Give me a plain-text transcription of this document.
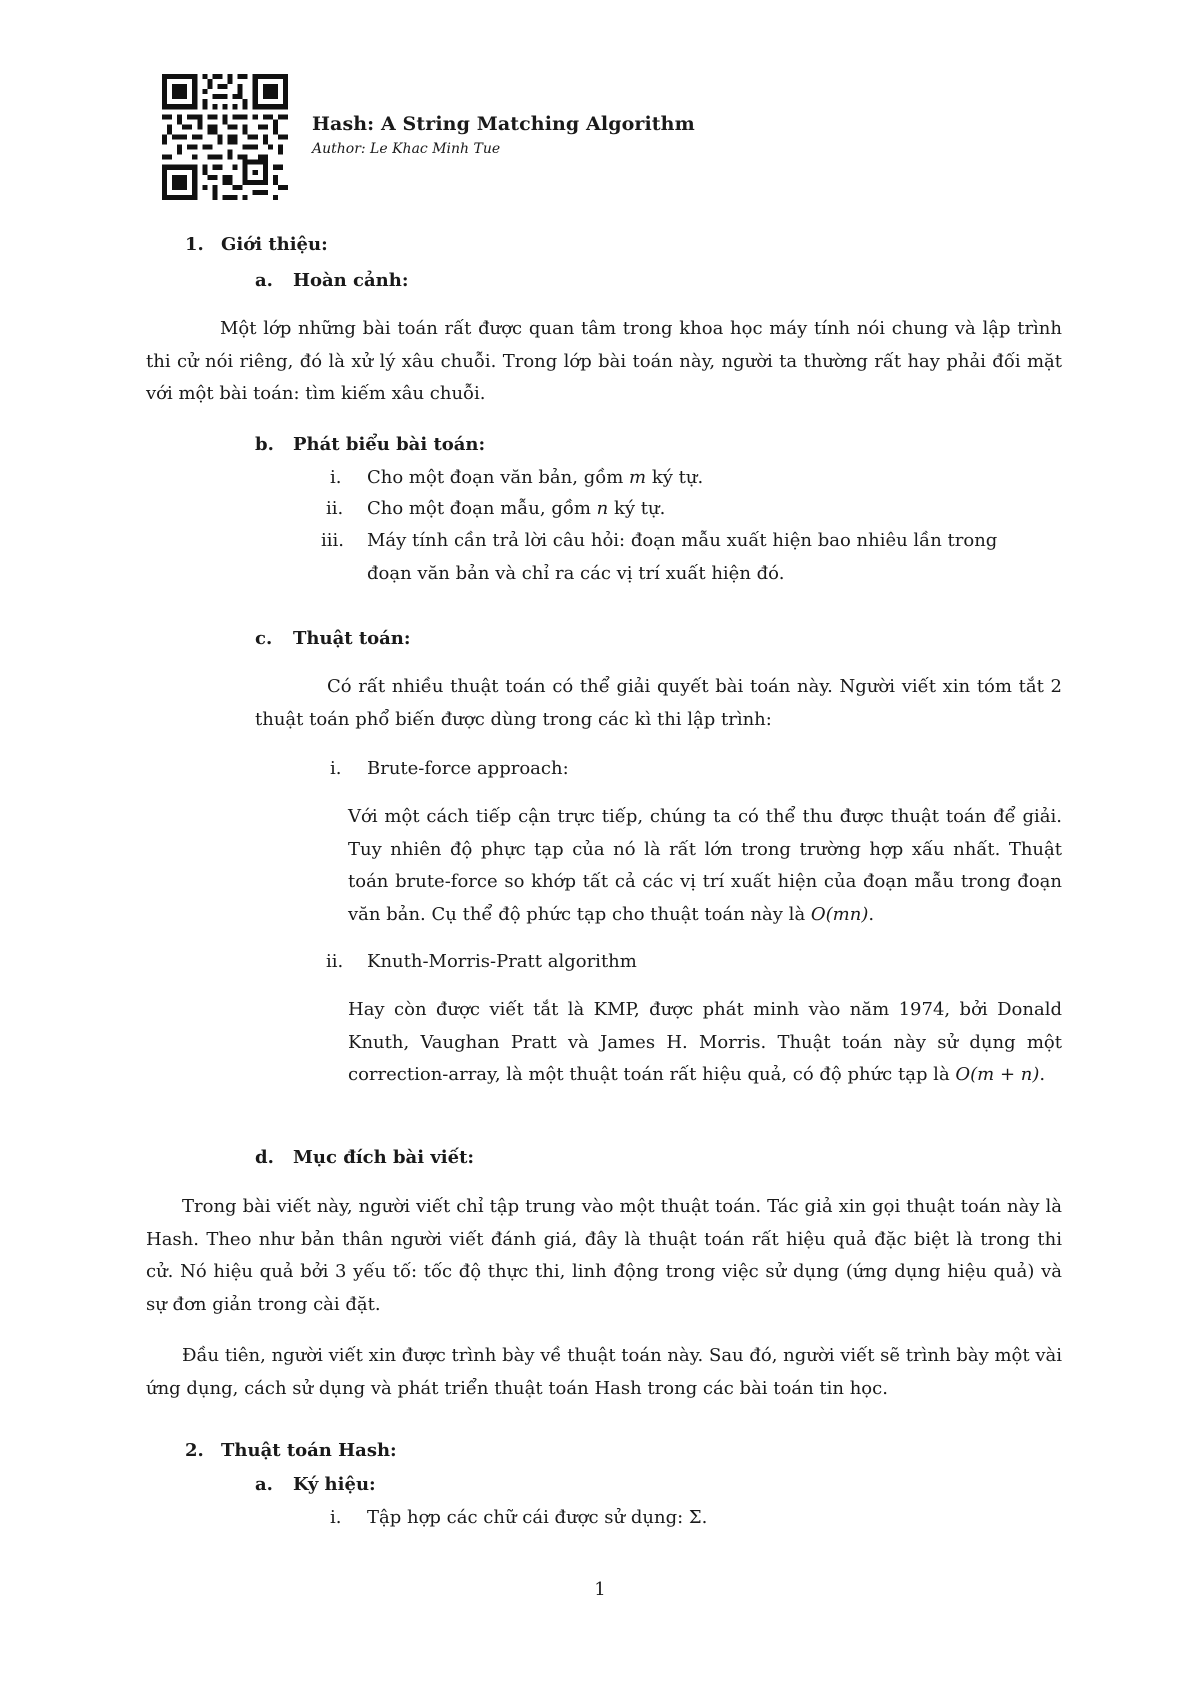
Hash: A String Matching Algorithm
Author: Le Khac Minh Tue
1. Giới thiệu:
a. Hoàn cảnh:
Một lớp những bài toán rất được quan tâm trong khoa học máy tính nói chung và lập trình thi cử nói riêng, đó là xử lý xâu chuỗi. Trong lớp bài toán này, người ta thường rất hay phải đối mặt với một bài toán: tìm kiếm xâu chuỗi.
b. Phát biểu bài toán:
i. Cho một đoạn văn bản, gồm m ký tự.
ii. Cho một đoạn mẫu, gồm n ký tự.
iii. Máy tính cần trả lời câu hỏi: đoạn mẫu xuất hiện bao nhiêu lần trong
đoạn văn bản và chỉ ra các vị trí xuất hiện đó.
c. Thuật toán:
Có rất nhiều thuật toán có thể giải quyết bài toán này. Người viết xin tóm tắt 2 thuật toán phổ biến được dùng trong các kì thi lập trình:
i. Brute-force approach:
Với một cách tiếp cận trực tiếp, chúng ta có thể thu được thuật toán để giải. Tuy nhiên độ phực tạp của nó là rất lớn trong trường hợp xấu nhất. Thuật toán brute-force so khớp tất cả các vị trí xuất hiện của đoạn mẫu trong đoạn văn bản. Cụ thể độ phức tạp cho thuật toán này là O(mn).
ii. Knuth-Morris-Pratt algorithm
Hay còn được viết tắt là KMP, được phát minh vào năm 1974, bởi Donald Knuth, Vaughan Pratt và James H. Morris. Thuật toán này sử dụng một correction-array, là một thuật toán rất hiệu quả, có độ phức tạp là O(m + n).
d. Mục đích bài viết:
Trong bài viết này, người viết chỉ tập trung vào một thuật toán. Tác giả xin gọi thuật toán này là Hash. Theo như bản thân người viết đánh giá, đây là thuật toán rất hiệu quả đặc biệt là trong thi cử. Nó hiệu quả bởi 3 yếu tố: tốc độ thực thi, linh động trong việc sử dụng (ứng dụng hiệu quả) và sự đơn giản trong cài đặt.
Đầu tiên, người viết xin được trình bày về thuật toán này. Sau đó, người viết sẽ trình bày một vài ứng dụng, cách sử dụng và phát triển thuật toán Hash trong các bài toán tin học.
2. Thuật toán Hash:
a. Ký hiệu:
i. Tập hợp các chữ cái được sử dụng: Σ.
1
